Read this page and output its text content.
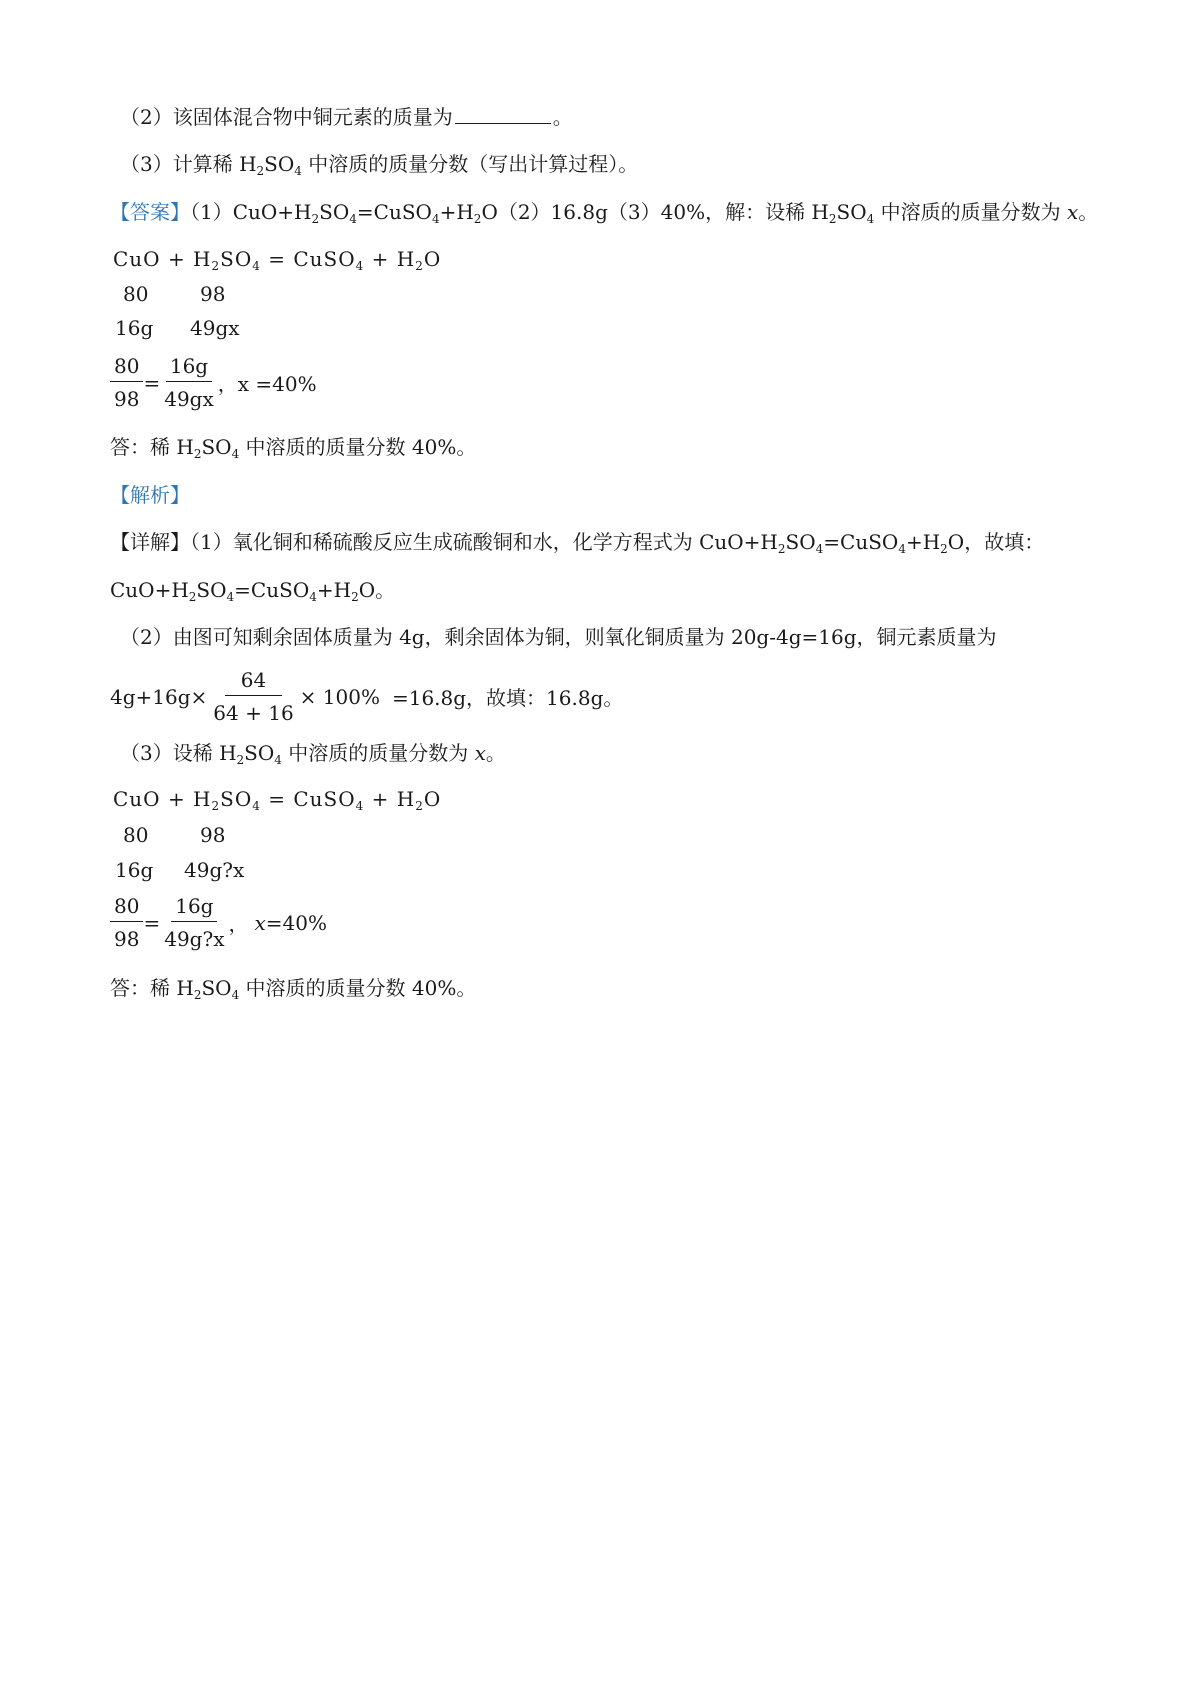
（2）该固体混合物中铜元素的质量为	。
（3）计算稀 $H_2SO_4$ 中溶质的质量分数（写出计算过程）。
【答案】$(1)CuO+H_2SO_4=CuSO_4+H_2O(2)16.8g(3)40\%$，解：设稀 $H_2SO_4$ 中溶质的质量分数为 x。
CuO + $H_2SO_4$ = CuSO$_4$ + $H_2O$
80	98
16g 49gx
$\frac{80}{98} = \frac{16g}{49gx}$ ，x =40%
答：稀 $H_2SO_4$ 中溶质的质量分数 40%。
【解析】
【详解】（1）氧化铜和稀硫酸反应生成硫酸铜和水，化学方程式为 $CuO+H_2SO_4=CuSO_4+H_2O$，故填：
$CuO+H_2SO_4=CuSO_4+H_2O$。
（2）由图可知剩余固体质量为 4g，剩余固体为铜，则氧化铜质量为 20g-4g=16g，铜元素质量为
$4g+16g\times \frac{64}{64 + 16} \times 100\% =16.8g$，故填：16.8g。
（3）设稀 $H_2SO_4$ 中溶质的质量分数为 x。
CuO + $H_2SO_4$ = CuSO$_4$ + $H_2O$
80	98
16g 49g?x
$\frac{80}{98} = \frac{16g}{49g?x}$ ， x =40%
答：稀 $H_2SO_4$ 中溶质的质量分数 40%。
